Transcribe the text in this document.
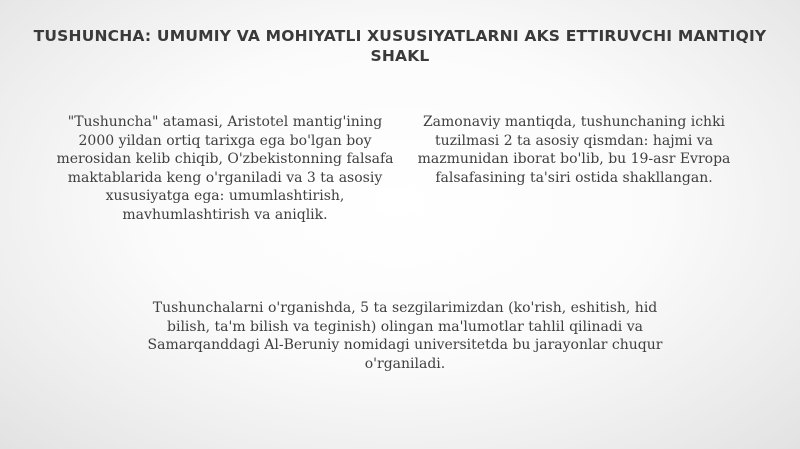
TUSHUNCHA: UMUMIY VA MOHIYATLI XUSUSIYATLARNI AKS ETTIRUVCHI MANTIQIY SHAKL

"Tushuncha" atamasi, Aristotel mantig'ining 2000 yildan ortiq tarixga ega bo'lgan boy merosidan kelib chiqib, O'zbekistonning falsafa maktablarida keng o'rganiladi va 3 ta asosiy xususiyatga ega: umumlashtirish, mavhumlashtirish va aniqlik.

Zamonaviy mantiqda, tushunchaning ichki tuzilmasi 2 ta asosiy qismdan: hajmi va mazmunidan iborat bo'lib, bu 19-asr Evropa falsafasining ta'siri ostida shakllangan.

Tushunchalarni o'rganishda, 5 ta sezgilarimizdan (ko'rish, eshitish, hid bilish, ta'm bilish va teginish) olingan ma'lumotlar tahlil qilinadi va Samarqanddagi Al-Beruniy nomidagi universitetda bu jarayonlar chuqur o'rganiladi.
